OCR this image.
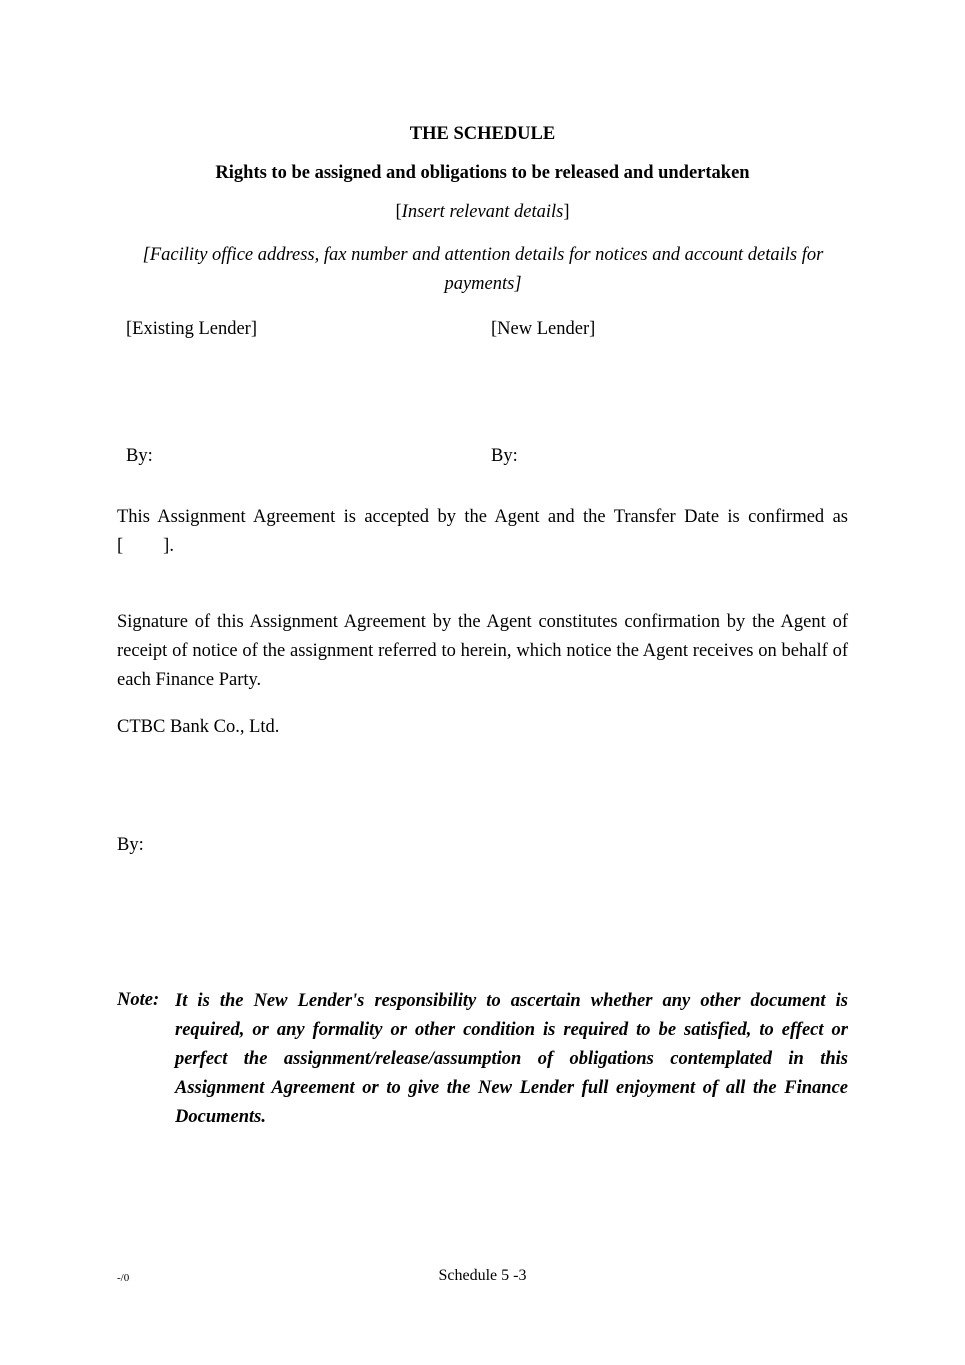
THE SCHEDULE
Rights to be assigned and obligations to be released and undertaken
[Insert relevant details]
[Facility office address, fax number and attention details for notices and account details for payments]
[Existing Lender]	[New Lender]
By:	By:
This Assignment Agreement is accepted by the Agent and the Transfer Date is confirmed as
[ ].
Signature of this Assignment Agreement by the Agent constitutes confirmation by the Agent of receipt of notice of the assignment referred to herein, which notice the Agent receives on behalf of each Finance Party.
CTBC Bank Co., Ltd.
By:
Note: It is the New Lender's responsibility to ascertain whether any other document is required, or any formality or other condition is required to be satisfied, to effect or perfect the assignment/release/assumption of obligations contemplated in this Assignment Agreement or to give the New Lender full enjoyment of all the Finance Documents.
-/0	Schedule 5 -3
